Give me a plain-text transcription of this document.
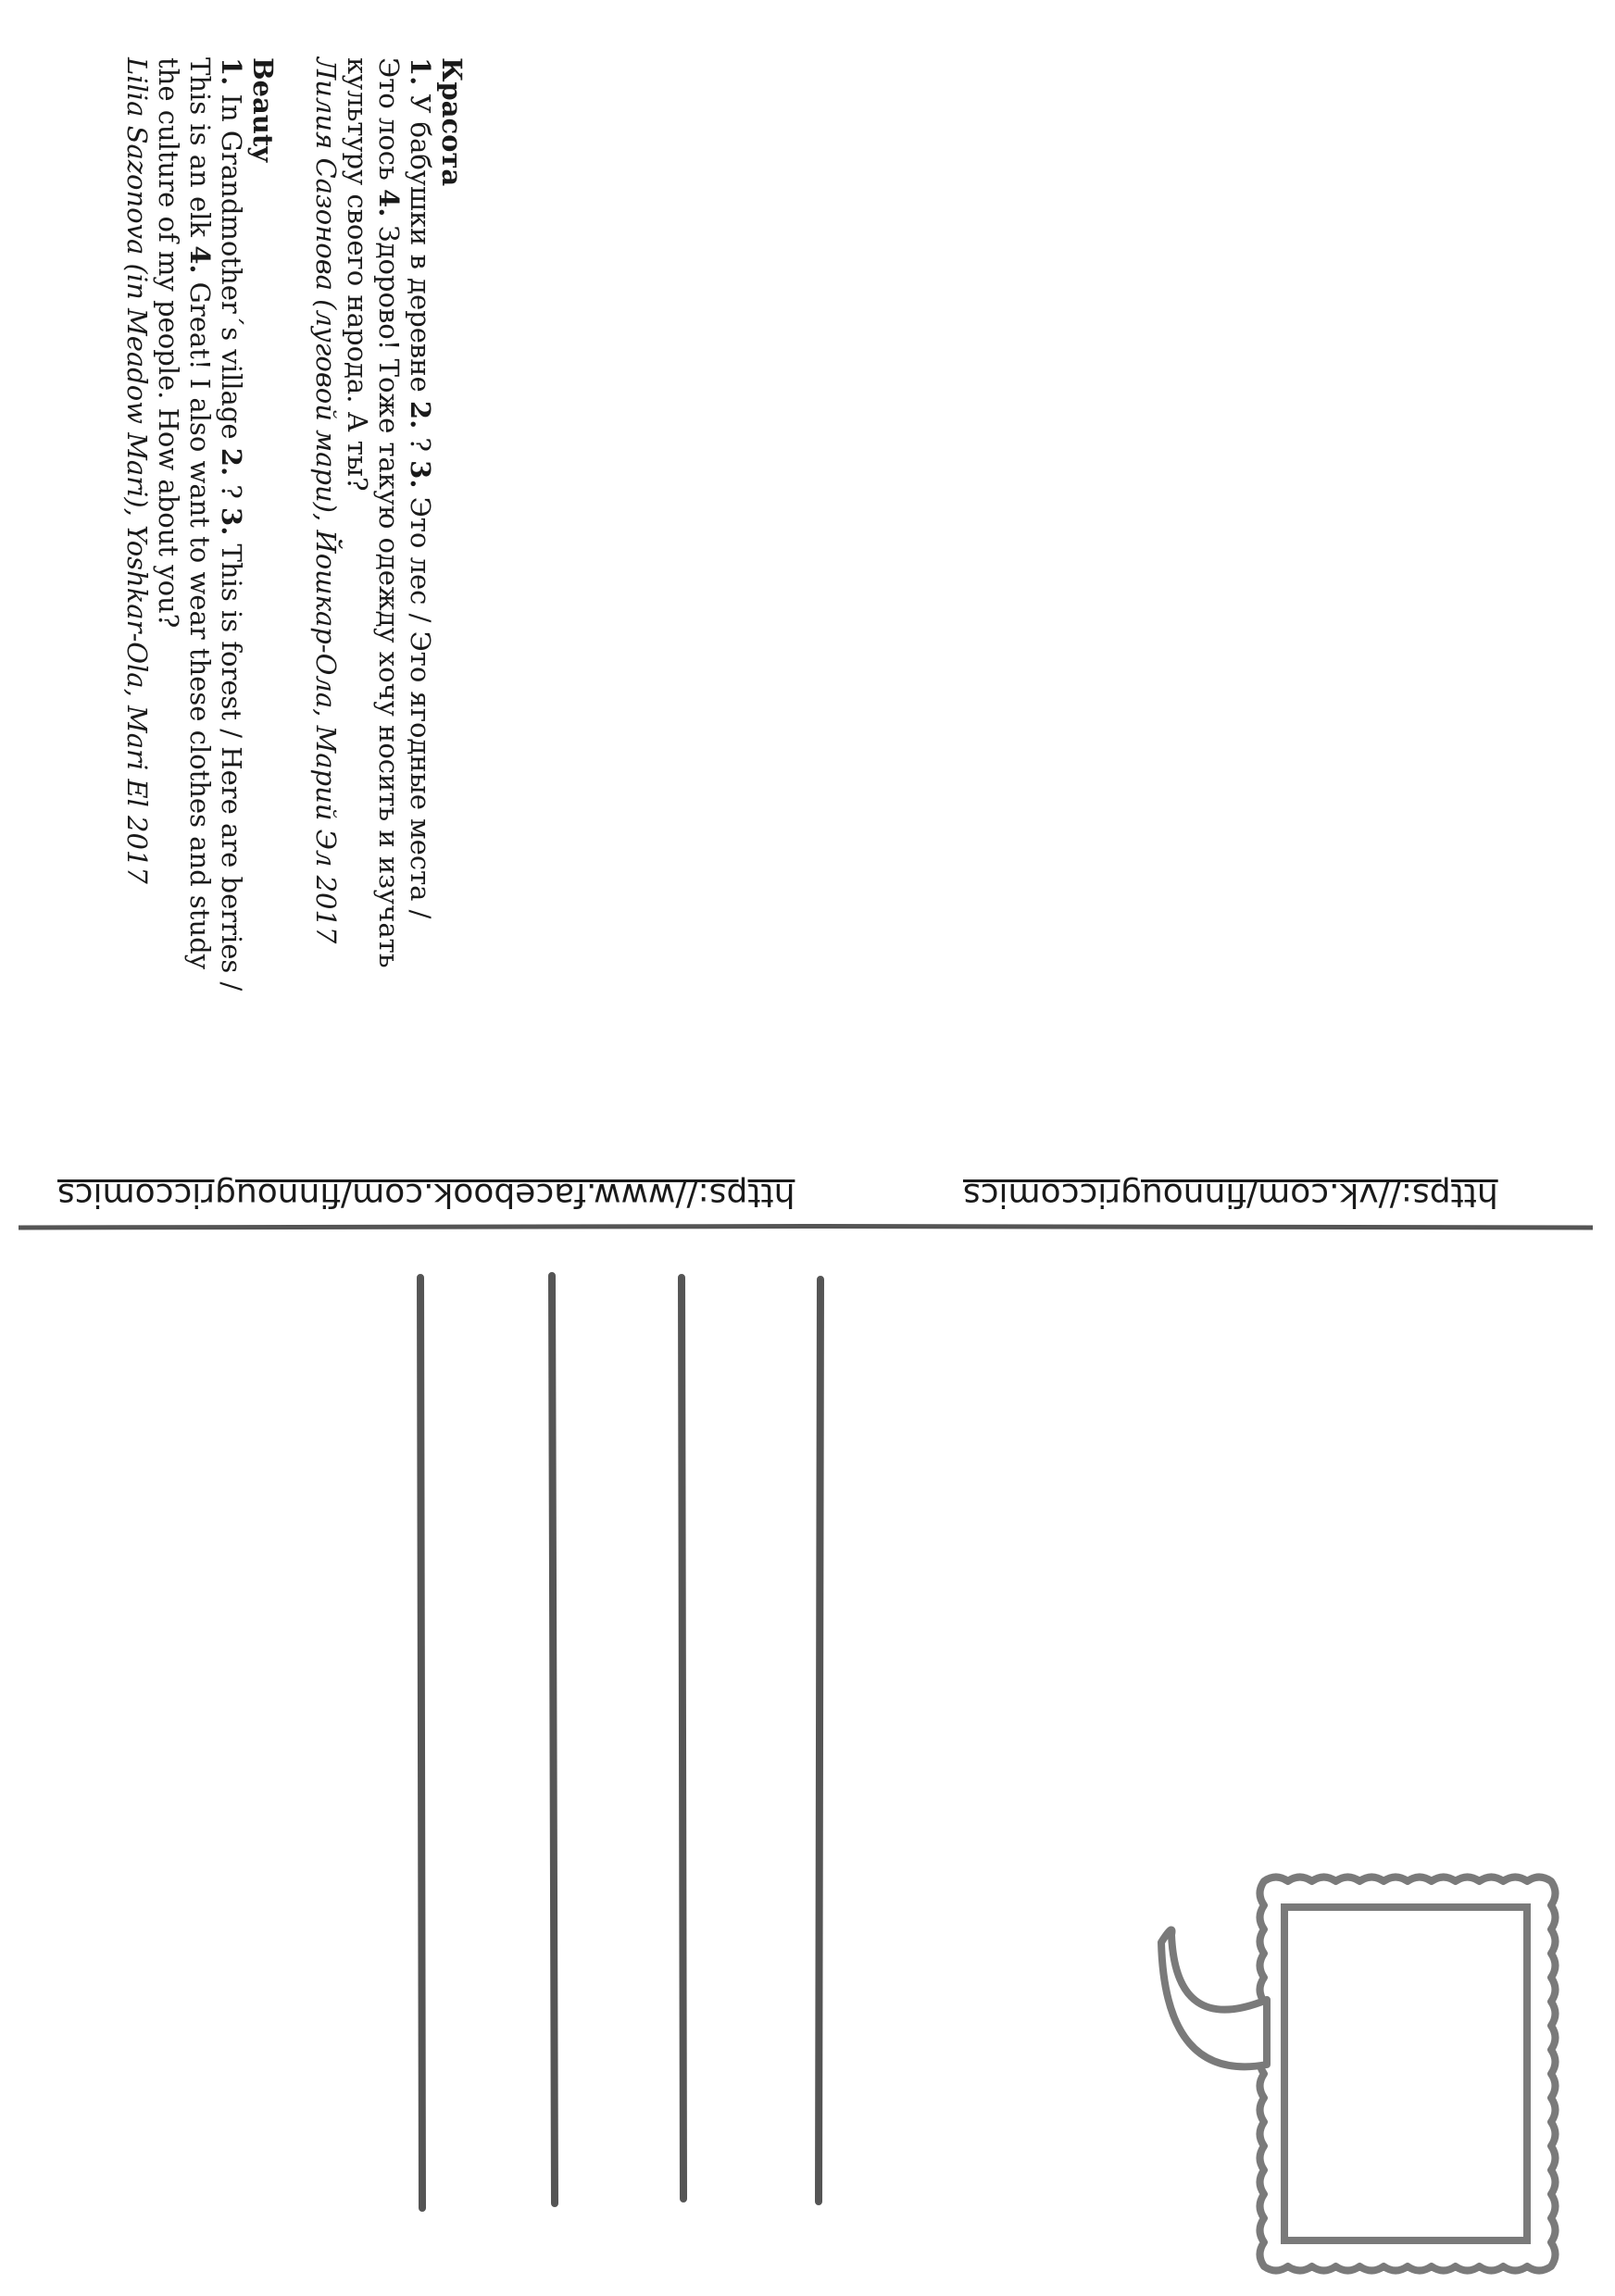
Красота
1. У бабушки в деревне 2. ? 3. Это лес / Это ягодные места /
Это лось 4. Здорово! Тоже такую одежду хочу носить и изучать
культуру своего народа. А ты?
Лилия Сазонова (луговой мари), Йошкар-Ола, Марий Эл 2017
Beauty
1. In Grandmother´s village 2. ? 3. This is forest / Here are berries /
This is an elk 4. Great! I also want to wear these clothes and study
the culture of my people. How about you?
Lilia Sazonova (in Meadow Mari), Yoshkar-Ola, Mari El 2017
https://vk.com/finnougriccomics
https://www.facebook.com/finnougriccomics
